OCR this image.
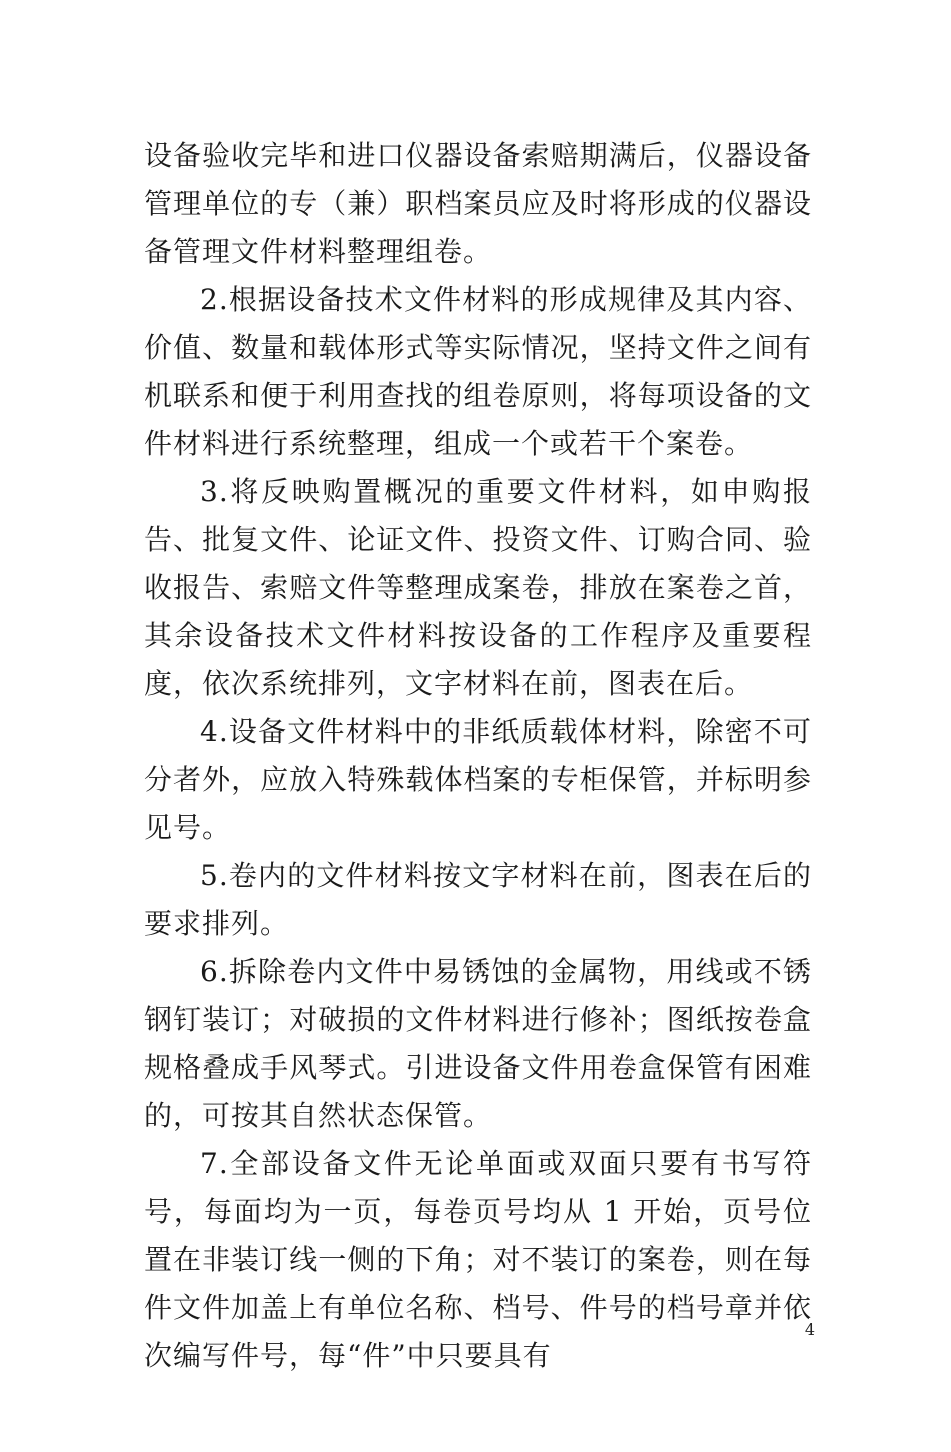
设备验收完毕和进口仪器设备索赔期满后，仪器设备管理单位的专（兼）职档案员应及时将形成的仪器设备管理文件材料整理组卷。

2.根据设备技术文件材料的形成规律及其内容、价值、数量和载体形式等实际情况，坚持文件之间有机联系和便于利用查找的组卷原则，将每项设备的文件材料进行系统整理，组成一个或若干个案卷。

3.将反映购置概况的重要文件材料，如申购报告、批复文件、论证文件、投资文件、订购合同、验收报告、索赔文件等整理成案卷，排放在案卷之首，其余设备技术文件材料按设备的工作程序及重要程度，依次系统排列，文字材料在前，图表在后。

4.设备文件材料中的非纸质载体材料，除密不可分者外，应放入特殊载体档案的专柜保管，并标明参见号。

5.卷内的文件材料按文字材料在前，图表在后的要求排列。

6.拆除卷内文件中易锈蚀的金属物，用线或不锈钢钉装订；对破损的文件材料进行修补；图纸按卷盒规格叠成手风琴式。引进设备文件用卷盒保管有困难的，可按其自然状态保管。

7.全部设备文件无论单面或双面只要有书写符号，每面均为一页，每卷页号均从 1 开始，页号位置在非装订线一侧的下角；对不装订的案卷，则在每件文件加盖上有单位名称、档号、件号的档号章并依次编写件号，每“件”中只要具有

4
